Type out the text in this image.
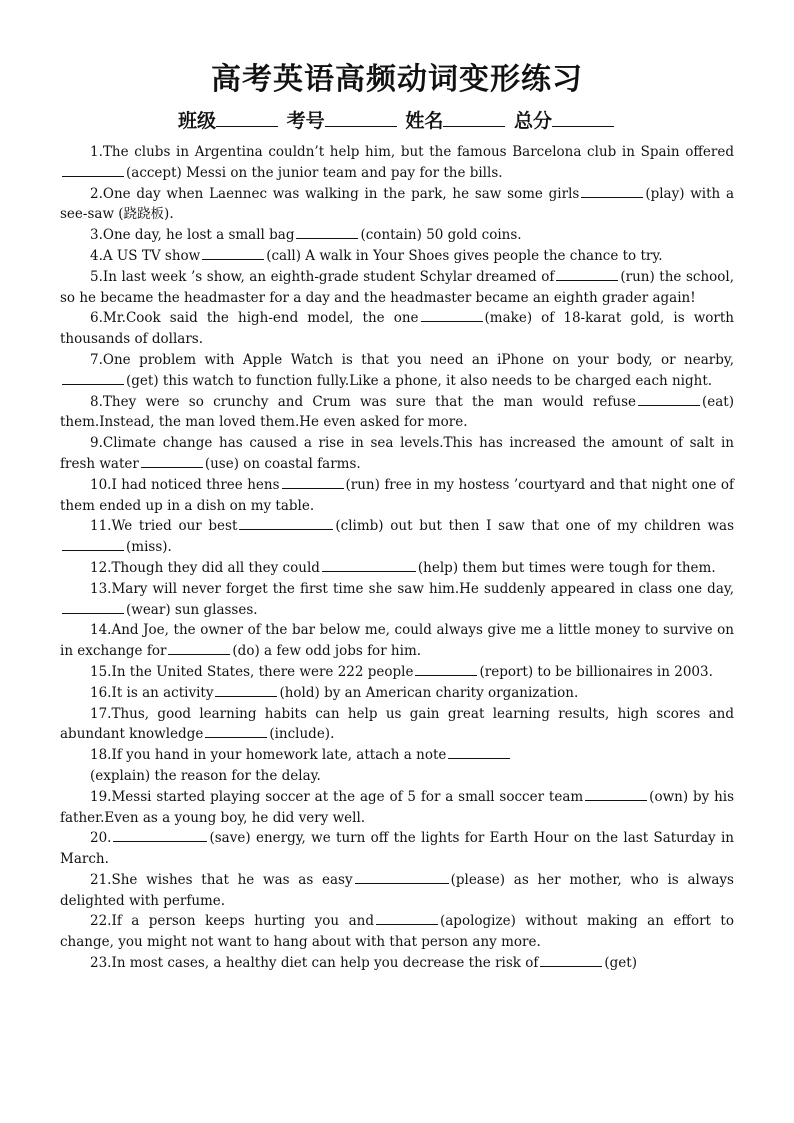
高考英语高频动词变形练习
班级	考号	姓名	总分

1.The clubs in Argentina couldn’t help him, but the famous Barcelona club in Spain offered(accept) Messi on the junior team and pay for the bills.

2.One day when Laennec was walking in the park, he saw some girls	(play) with a see-saw (跷跷板).

3.One day, he lost a small bag	(contain) 50 gold coins.

4.A US TV show	(call) A walk in Your Shoes gives people the chance to try.

5.In last week ’s show, an eighth-grade student Schylar dreamed of	(run) the school, so he became the headmaster for a day and the headmaster became an eighth grader again!

6.Mr.Cook said the high-end model, the one	(make) of 18-karat gold, is worth thousands of dollars.

7.One problem with Apple Watch is that you need an iPhone on your body, or nearby,(get) this watch to function fully.Like a phone, it also needs to be charged each night.

8.They were so crunchy and Crum was sure that the man would refuse	(eat) them.Instead, the man loved them.He even asked for more.

9.Climate change has caused a rise in sea levels.This has increased the amount of salt in fresh water	(use) on coastal farms.

10.I had noticed three hens	(run) free in my hostess ’courtyard and that night one of them ended up in a dish on my table.

11.We tried our best	(climb) out but then I saw that one of my children was (miss).

12.Though they did all they could	(help) them but times were tough for them.

13.Mary will never forget the first time she saw him.He suddenly appeared in class one day,(wear) sun glasses.

14.And Joe, the owner of the bar below me, could always give me a little money to survive on in exchange for	(do) a few odd jobs for him.

15.In the United States, there were 222 people	(report) to be billionaires in 2003.

16.It is an activity	(hold) by an American charity organization.

17.Thus, good learning habits can help us gain great learning results, high scores and abundant knowledge	(include).

18.If you hand in your homework late, attach a note

(explain) the reason for the delay.

19.Messi started playing soccer at the age of 5 for a small soccer team	(own) by his father.Even as a young boy, he did very well.

20.	(save) energy, we turn off the lights for Earth Hour on the last Saturday in March.

21.She wishes that he was as easy	(please) as her mother, who is always delighted with perfume.

22.If a person keeps hurting you and	(apologize) without making an effort to change, you might not want to hang about with that person any more.

23.In most cases, a healthy diet can help you decrease the risk of	(get)
